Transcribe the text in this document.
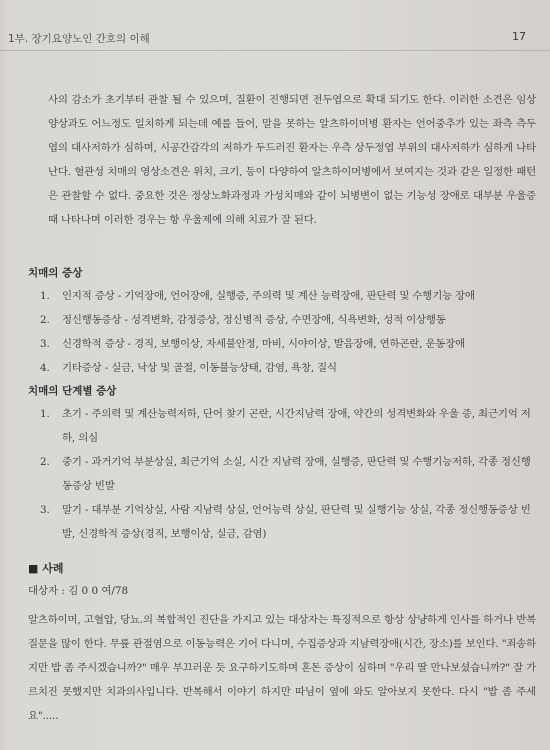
1부. 장기요양노인 간호의 이해	17

사의 감소가 초기부터 관찰 될 수 있으며, 질환이 진행되면 전두엽으로 확대 되기도 한다. 이러한 소견은 임상양상과도 어느정도 일치하게 되는데 예를 들어, 말을 못하는 알츠하이머병 환자는 언어중추가 있는 좌측 측두엽의 대사저하가 심하며, 시공간감각의 저하가 두드러진 환자는 우측 상두정엽 부위의 대사저하가 심하게 나타난다. 혈관성 치매의 영상소견은 위치, 크기, 등이 다양하여 알츠하이머병에서 보여지는 것과 같은 일정한 패턴은 관찰할 수 없다. 중요한 것은 정상노화과정과 가성치매와 같이 뇌병변이 없는 기능성 장애로 대부분 우울증 때 나타나며 이러한 경우는 항 우울제에 의해 치료가 잘 된다.

치매의 증상
1. 인지적 증상 - 기억장애, 언어장애, 실행증, 주의력 및 계산 능력장애, 판단력 및 수행기능 장애
2. 정신행동증상 - 성격변화, 감정증상, 정신병적 증상, 수면장애, 식욕변화, 성적 이상행동
3. 신경학적 증상 - 경직, 보행이상, 자세불안정, 마비, 시야이상, 발음장애, 연하곤란, 운동장애
4. 기타증상 - 실금, 낙상 및 골절, 이동불능상태, 감염, 욕창, 질식
치매의 단계별 증상
1. 초기 - 주의력 및 계산능력저하, 단어 찾기 곤란, 시간지남력 장애, 약간의 성격변화와 우울 증, 최근기억 저하, 의심
2. 중기 - 과거기억 부분상실, 최근기억 소실, 시간 지남력 장애, 실행증, 판단력 및 수행기능저하, 각종 정신행동증상 빈발
3. 말기 - 대부분 기억상실, 사람 지남력 상실, 언어능력 상실, 판단력 및 실행기능 상실, 각종 정신행동증상 빈발, 신경학적 증상(경직, 보행이상, 실금, 감염)

■ 사례

대상자 : 김 0 0 여/78

알츠하이머, 고혈압, 당뇨.의 복합적인 진단을 가지고 있는 대상자는 특징적으로 항상 상냥하게 인사를 하거나 반복질문을 많이 한다. 무릎 관절염으로 이동능력은 기어 다니며, 수집증상과 지남력장애(시간, 장소)를 보인다. "죄송하지만 밥 좀 주시겠습니까?" 매우 부끄러운 듯 요구하기도하며 혼돈 증상이 심하며 "우리 딸 만나보셨습니까?" 잘 가르치진 못했지만 치과의사입니다. 반복해서 이야기 하지만 따님이 옆에 와도 알아보지 못한다. 다시 "밥 좀 주세요".....
